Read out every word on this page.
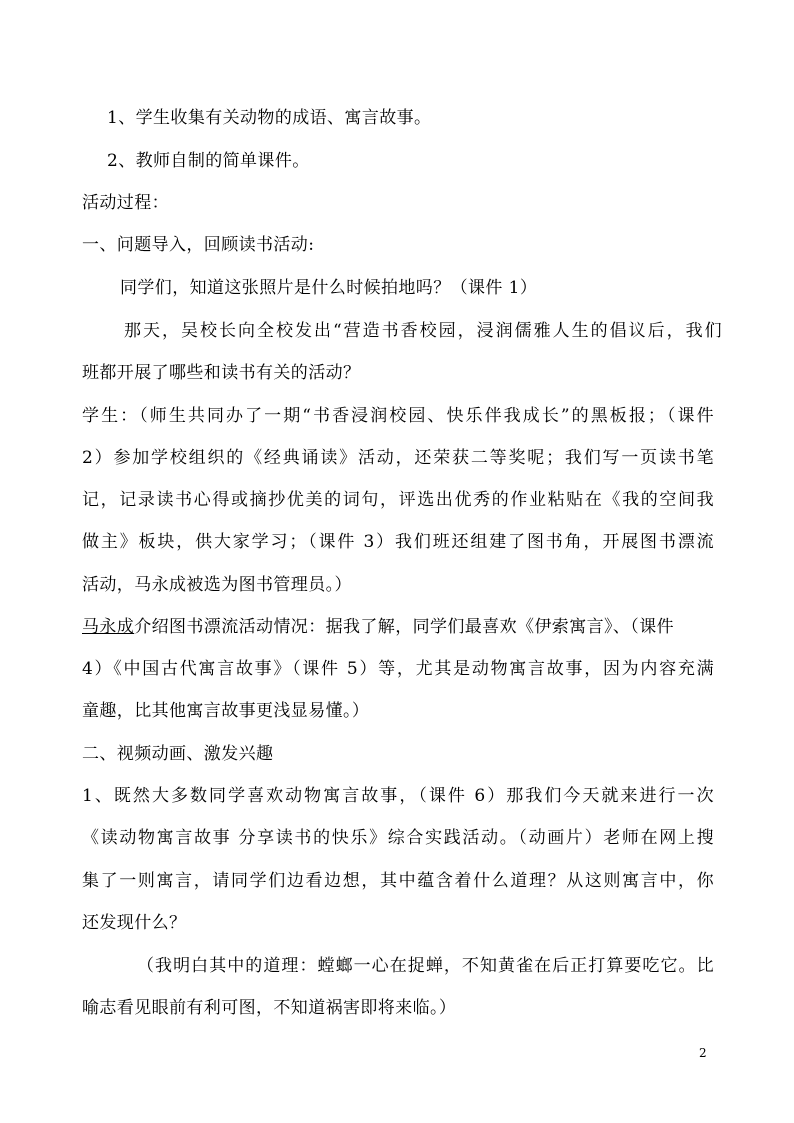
1、学生收集有关动物的成语、寓言故事。
2、教师自制的简单课件。
活动过程：
一、问题导入，回顾读书活动:
同学们，知道这张照片是什么时候拍地吗？（课件 1）
那天，吴校长向全校发出“营造书香校园，浸润儒雅人生的倡议后，我们
班都开展了哪些和读书有关的活动？
学生：（师生共同办了一期“书香浸润校园、快乐伴我成长”的黑板报；（课件
2）参加学校组织的《经典诵读》活动，还荣获二等奖呢；我们写一页读书笔
记，记录读书心得或摘抄优美的词句，评选出优秀的作业粘贴在《我的空间我
做主》板块，供大家学习；（课件 3）我们班还组建了图书角，开展图书漂流
活动，马永成被选为图书管理员。）
马永成介绍图书漂流活动情况：据我了解，同学们最喜欢《伊索寓言》、（课件
4）《中国古代寓言故事》（课件 5）等，尤其是动物寓言故事，因为内容充满
童趣，比其他寓言故事更浅显易懂。）
二、视频动画、激发兴趣
1、既然大多数同学喜欢动物寓言故事，（课件 6）那我们今天就来进行一次
《读动物寓言故事 分享读书的快乐》综合实践活动。（动画片）老师在网上搜
集了一则寓言，请同学们边看边想，其中蕴含着什么道理？从这则寓言中，你
还发现什么？
（我明白其中的道理：螳螂一心在捉蝉，不知黄雀在后正打算要吃它。比
喻志看见眼前有利可图，不知道祸害即将来临。）
2
